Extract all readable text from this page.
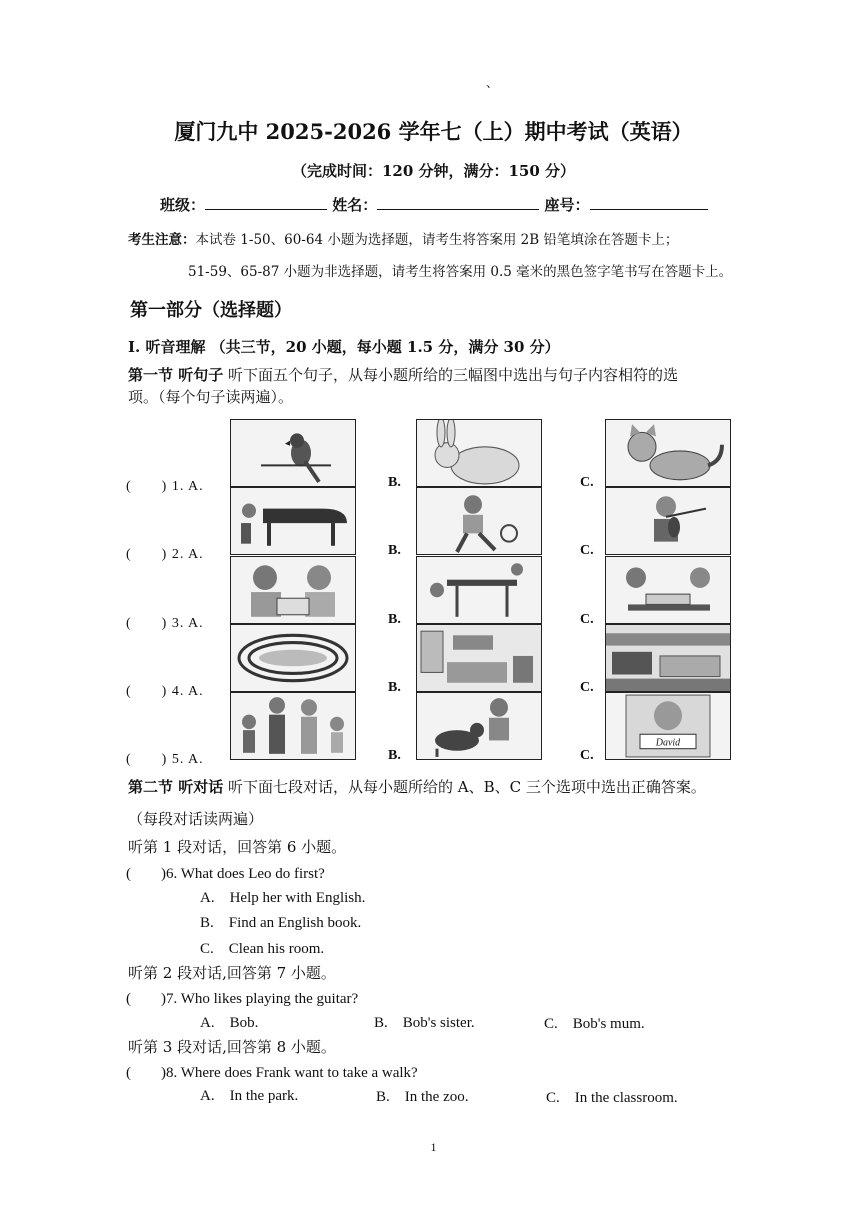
、
厦门九中 2025-2026 学年七（上）期中考试（英语）
（完成时间：120 分钟，满分：150 分）
班级：	姓名：	座号：
考生注意：本试卷 1-50、60-64 小题为选择题，请考生将答案用 2B 铅笔填涂在答题卡上；
51-59、65-87 小题为非选择题，请考生将答案用 0.5 毫米的黑色签字笔书写在答题卡上。
第一部分（选择题）
I. 听音理解 （共三节，20 小题，每小题 1.5 分，满分 30 分）
第一节 听句子 听下面五个句子，从每小题所给的三幅图中选出与句子内容相符的选
项。（每个句子读两遍）。
(　　) 1. A.	B.	C.
(　　) 2. A.	B.	C.
(　　) 3. A.	B.	C.
(　　) 4. A.	B.	C.
(　　) 5. A.	B.	C.
David
第二节 听对话 听下面七段对话，从每小题所给的 A、B、C 三个选项中选出正确答案。
（每段对话读两遍）
听第 1 段对话，回答第 6 小题。
(　　)6. What does Leo do first?
A.　Help her with English.
B.　Find an English book.
C.　Clean his room.
听第 2 段对话,回答第 7 小题。
(　　)7. Who likes playing the guitar?
A.　Bob.	B.　Bob's sister.	C.　Bob's mum.
听第 3 段对话,回答第 8 小题。
(　　)8. Where does Frank want to take a walk?
A.　In the park.	B.　In the zoo.	C.　In the classroom.
1
